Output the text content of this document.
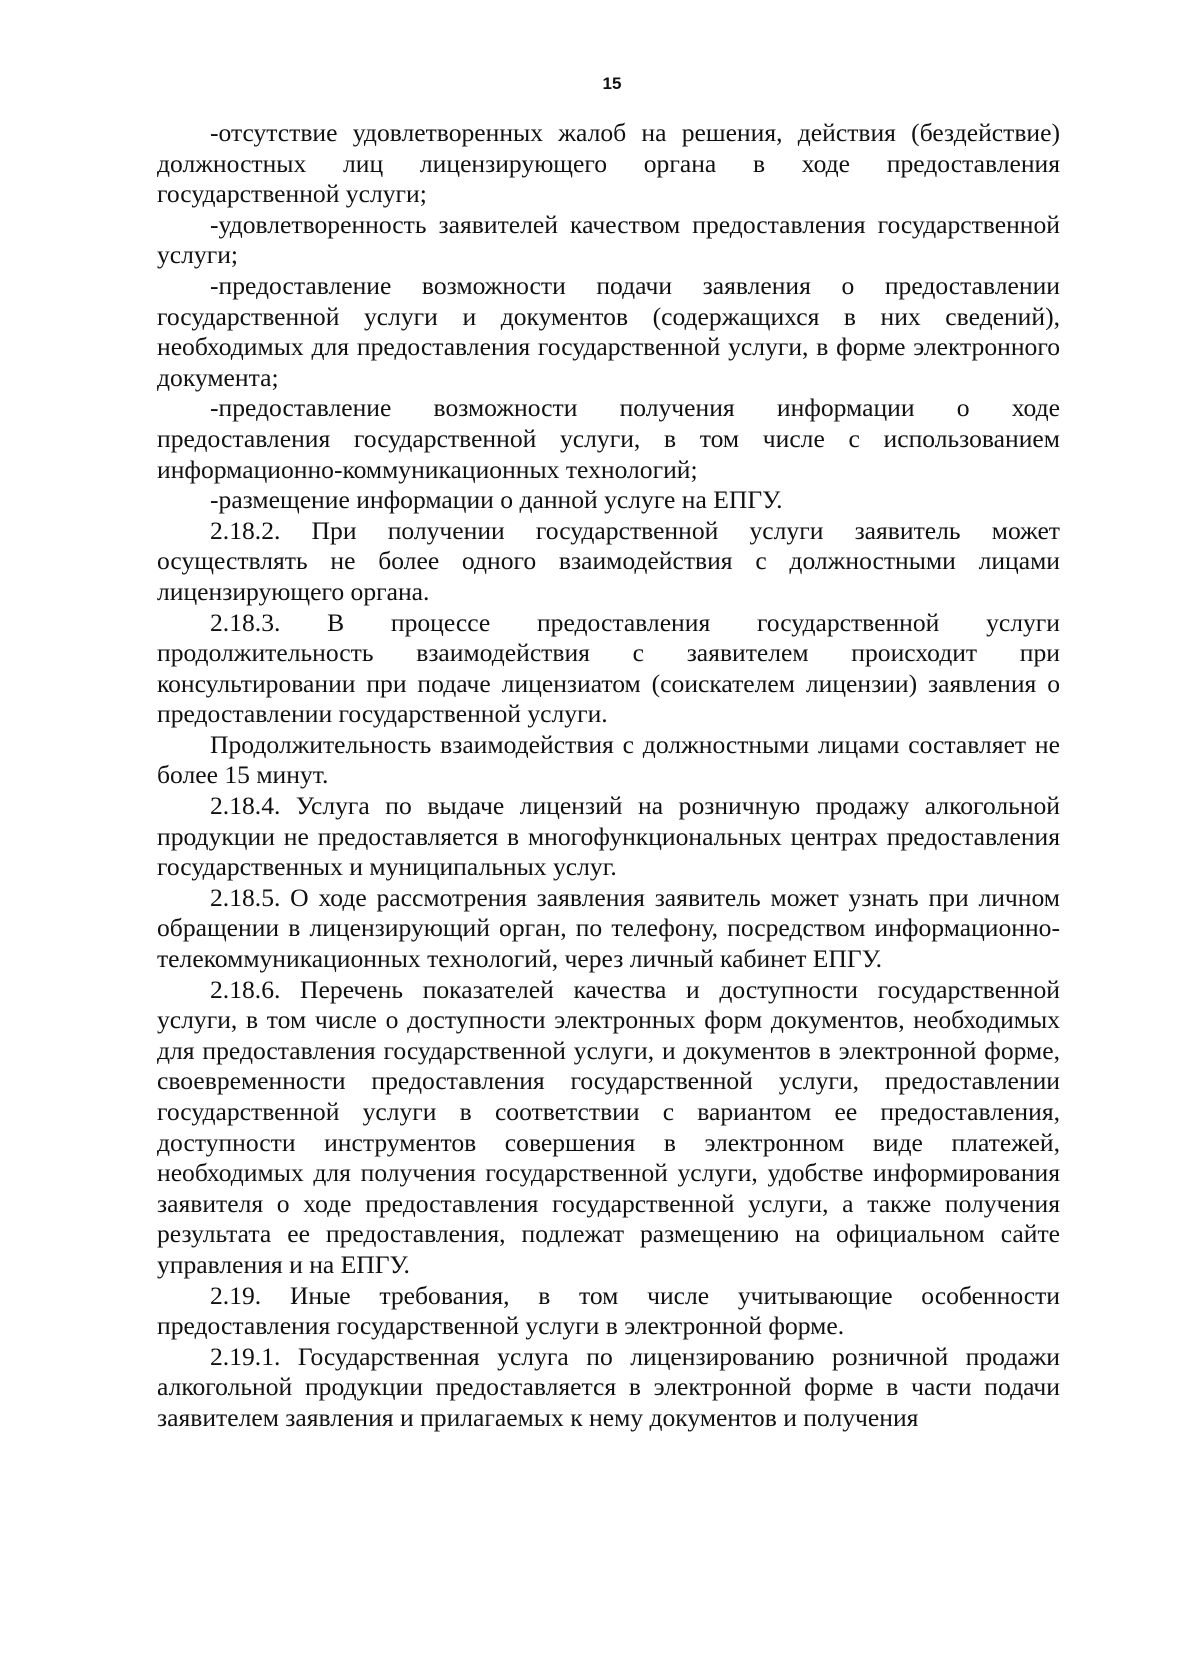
15

-отсутствие удовлетворенных жалоб на решения, действия (бездействие) должностных лиц лицензирующего органа в ходе предоставления государственной услуги;

-удовлетворенность заявителей качеством предоставления государственной услуги;

-предоставление возможности подачи заявления о предоставлении государственной услуги и документов (содержащихся в них сведений), необходимых для предоставления государственной услуги, в форме электронного документа;

-предоставление возможности получения информации о ходе предоставления государственной услуги, в том числе с использованием информационно-коммуникационных технологий;

-размещение информации о данной услуге на ЕПГУ.

2.18.2. При получении государственной услуги заявитель может осуществлять не более одного взаимодействия с должностными лицами лицензирующего органа.

2.18.3. В процессе предоставления государственной услуги продолжительность взаимодействия с заявителем происходит при консультировании при подаче лицензиатом (соискателем лицензии) заявления о предоставлении государственной услуги.

Продолжительность взаимодействия с должностными лицами составляет не более 15 минут.

2.18.4. Услуга по выдаче лицензий на розничную продажу алкогольной продукции не предоставляется в многофункциональных центрах предоставления государственных и муниципальных услуг.

2.18.5. О ходе рассмотрения заявления заявитель может узнать при личном обращении в лицензирующий орган, по телефону, посредством информационно-телекоммуникационных технологий, через личный кабинет ЕПГУ.

2.18.6. Перечень показателей качества и доступности государственной услуги, в том числе о доступности электронных форм документов, необходимых для предоставления государственной услуги, и документов в электронной форме, своевременности предоставления государственной услуги, предоставлении государственной услуги в соответствии с вариантом ее предоставления, доступности инструментов совершения в электронном виде платежей, необходимых для получения государственной услуги, удобстве информирования заявителя о ходе предоставления государственной услуги, а также получения результата ее предоставления, подлежат размещению на официальном сайте управления и на ЕПГУ.

2.19. Иные требования, в том числе учитывающие особенности предоставления государственной услуги в электронной форме.

2.19.1. Государственная услуга по лицензированию розничной продажи алкогольной продукции предоставляется в электронной форме в части подачи заявителем заявления и прилагаемых к нему документов и получения
